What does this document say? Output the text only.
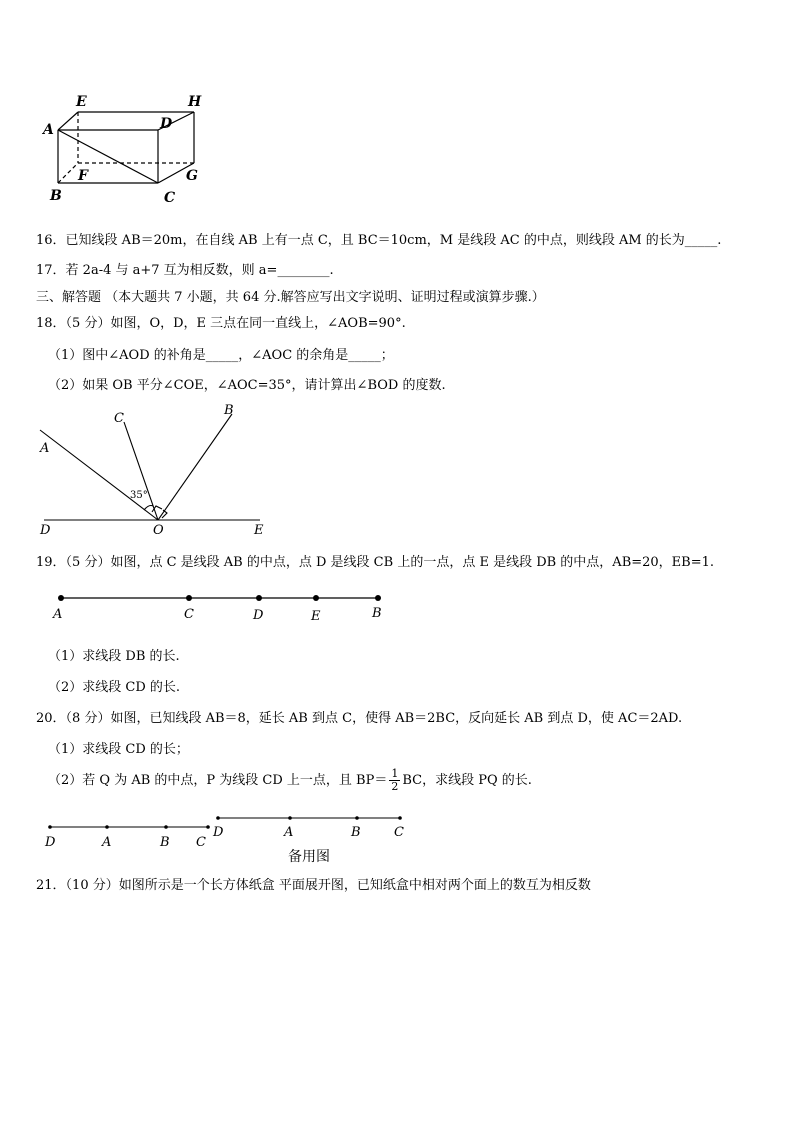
E	H
A	D
F	G
B	C
16．已知线段 AB＝20m，在自线 AB 上有一点 C，且 BC＝10cm，M 是线段 AC 的中点，则线段 AM 的长为_____.
17．若 2a-4 与 a+7 互为相反数，则 a=________.
三、解答题 （本大题共 7 小题，共 64 分.解答应写出文字说明、证明过程或演算步骤.）
18．（5 分）如图，O，D，E 三点在同一直线上，∠AOB=90°.
（1）图中∠AOD 的补角是_____，∠AOC 的余角是_____；
（2）如果 OB 平分∠COE，∠AOC=35°，请计算出∠BOD 的度数.
A
C
B
D	O	E
35°
19．（5 分）如图，点 C 是线段 AB 的中点，点 D 是线段 CB 上的一点，点 E 是线段 DB 的中点，AB=20，EB=1.
A	C	D	E	B
（1）求线段 DB 的长.
（2）求线段 CD 的长.
20．（8 分）如图，已知线段 AB＝8，延长 AB 到点 C，使得 AB＝2BC，反向延长 AB 到点 D，使 AC＝2AD.
（1）求线段 CD 的长；
（2）若 Q 为 AB 的中点，P 为线段 CD 上一点，且 $BP= \frac{1}{2}$ BC，求线段 PQ 的长.
D	A	B C
D	A	B	C
备用图
21．（10 分）如图所示是一个长方体纸盒 平面展开图，已知纸盒中相对两个面上的数互为相反数
